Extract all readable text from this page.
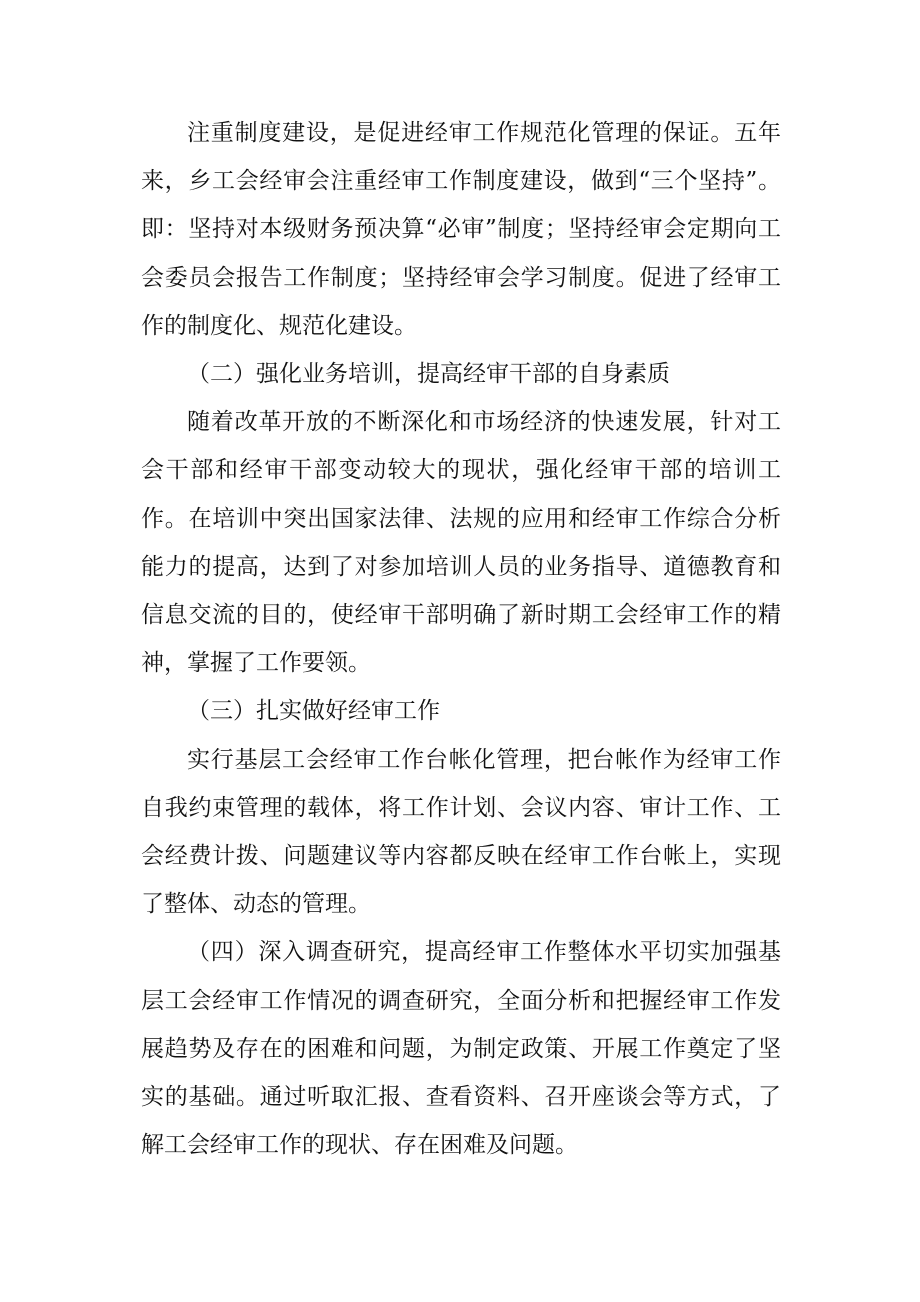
注重制度建设，是促进经审工作规范化管理的保证。五年来，乡工会经审会注重经审工作制度建设，做到“三个坚持”。即：坚持对本级财务预决算“必审”制度；坚持经审会定期向工会委员会报告工作制度；坚持经审会学习制度。促进了经审工作的制度化、规范化建设。

（二）强化业务培训，提高经审干部的自身素质

随着改革开放的不断深化和市场经济的快速发展，针对工会干部和经审干部变动较大的现状，强化经审干部的培训工作。在培训中突出国家法律、法规的应用和经审工作综合分析能力的提高，达到了对参加培训人员的业务指导、道德教育和信息交流的目的，使经审干部明确了新时期工会经审工作的精神，掌握了工作要领。

（三）扎实做好经审工作

实行基层工会经审工作台帐化管理，把台帐作为经审工作自我约束管理的载体，将工作计划、会议内容、审计工作、工会经费计拨、问题建议等内容都反映在经审工作台帐上，实现了整体、动态的管理。

（四）深入调查研究，提高经审工作整体水平切实加强基层工会经审工作情况的调查研究，全面分析和把握经审工作发展趋势及存在的困难和问题，为制定政策、开展工作奠定了坚实的基础。通过听取汇报、查看资料、召开座谈会等方式，了解工会经审工作的现状、存在困难及问题。
